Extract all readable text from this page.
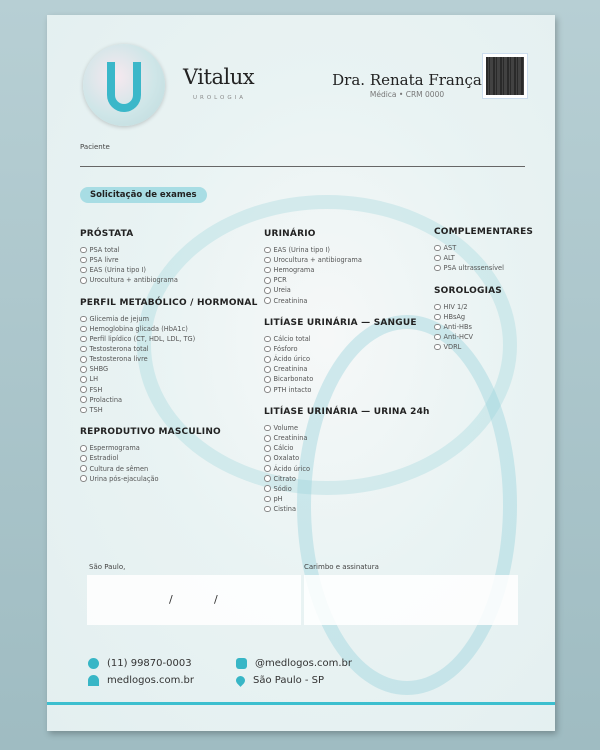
Vitalux
UROLOGIA
Dra. Renata França
Médica • CRM 0000
Paciente
Solicitação de exames
PRÓSTATA
PSA total
PSA livre
EAS (Urina tipo I)
Urocultura + antibiograma
PERFIL METABÓLICO / HORMONAL
Glicemia de jejum
Hemoglobina glicada (HbA1c)
Perfil lipídico (CT, HDL, LDL, TG)
Testosterona total
Testosterona livre
SHBG
LH
FSH
Prolactina
TSH
REPRODUTIVO MASCULINO
Espermograma
Estradiol
Cultura de sêmen
Urina pós-ejaculação
URINÁRIO
EAS (Urina tipo I)
Urocultura + antibiograma
Hemograma
PCR
Ureia
Creatinina
LITÍASE URINÁRIA — SANGUE
Cálcio total
Fósforo
Ácido úrico
Creatinina
Bicarbonato
PTH intacto
LITÍASE URINÁRIA — URINA 24h
Volume
Creatinina
Cálcio
Oxalato
Ácido úrico
Citrato
Sódio
pH
Cistina
COMPLEMENTARES
AST
ALT
PSA ultrassensível
SOROLOGIAS
HIV 1/2
HBsAg
Anti-HBs
Anti-HCV
VDRL
São Paulo,
/	/
Carimbo e assinatura
(11) 99870-0003
medlogos.com.br
@medlogos.com.br
São Paulo - SP
